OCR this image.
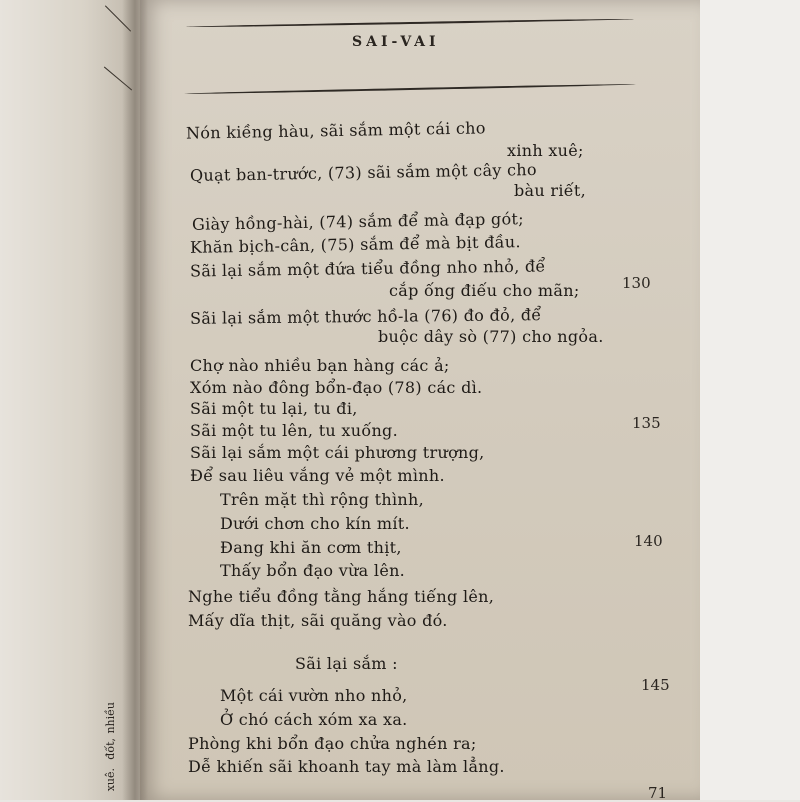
nhiều
đốt,
xuê.
SAI-VAI
Nón kiềng hàu, sãi sắm một cái cho
xinh xuê;
Quạt ban-trước, (73) sãi sắm một cây cho
bàu riết,
Giày hồng-hài, (74) sắm để mà đạp gót;
Khăn bịch-cân, (75) sắm để mà bịt đầu.
Sãi lại sắm một đứa tiểu đồng nho nhỏ, để
cắp ống điếu cho mãn;
Sãi lại sắm một thước hồ-la (76) đo đỏ, để
buộc dây sò (77) cho ngỏa.
Chợ nào nhiều bạn hàng các ả;
Xóm nào đông bổn-đạo (78) các dì.
Sãi một tu lại, tu đi,
Sãi một tu lên, tu xuống.
Sãi lại sắm một cái phương trượng,
Để sau liêu vắng vẻ một mình.
Trên mặt thì rộng thình,
Dưới chơn cho kín mít.
Đang khi ăn cơm thịt,
Thấy bổn đạo vừa lên.
Nghe tiểu đồng tằng hắng tiếng lên,
Mấy dĩa thịt, sãi quăng vào đó.
Sãi lại sắm :
Một cái vườn nho nhỏ,
Ở chó cách xóm xa xa.
Phòng khi bổn đạo chửa nghén ra;
Dễ khiến sãi khoanh tay mà làm lẳng.
130
135
140
145
71
